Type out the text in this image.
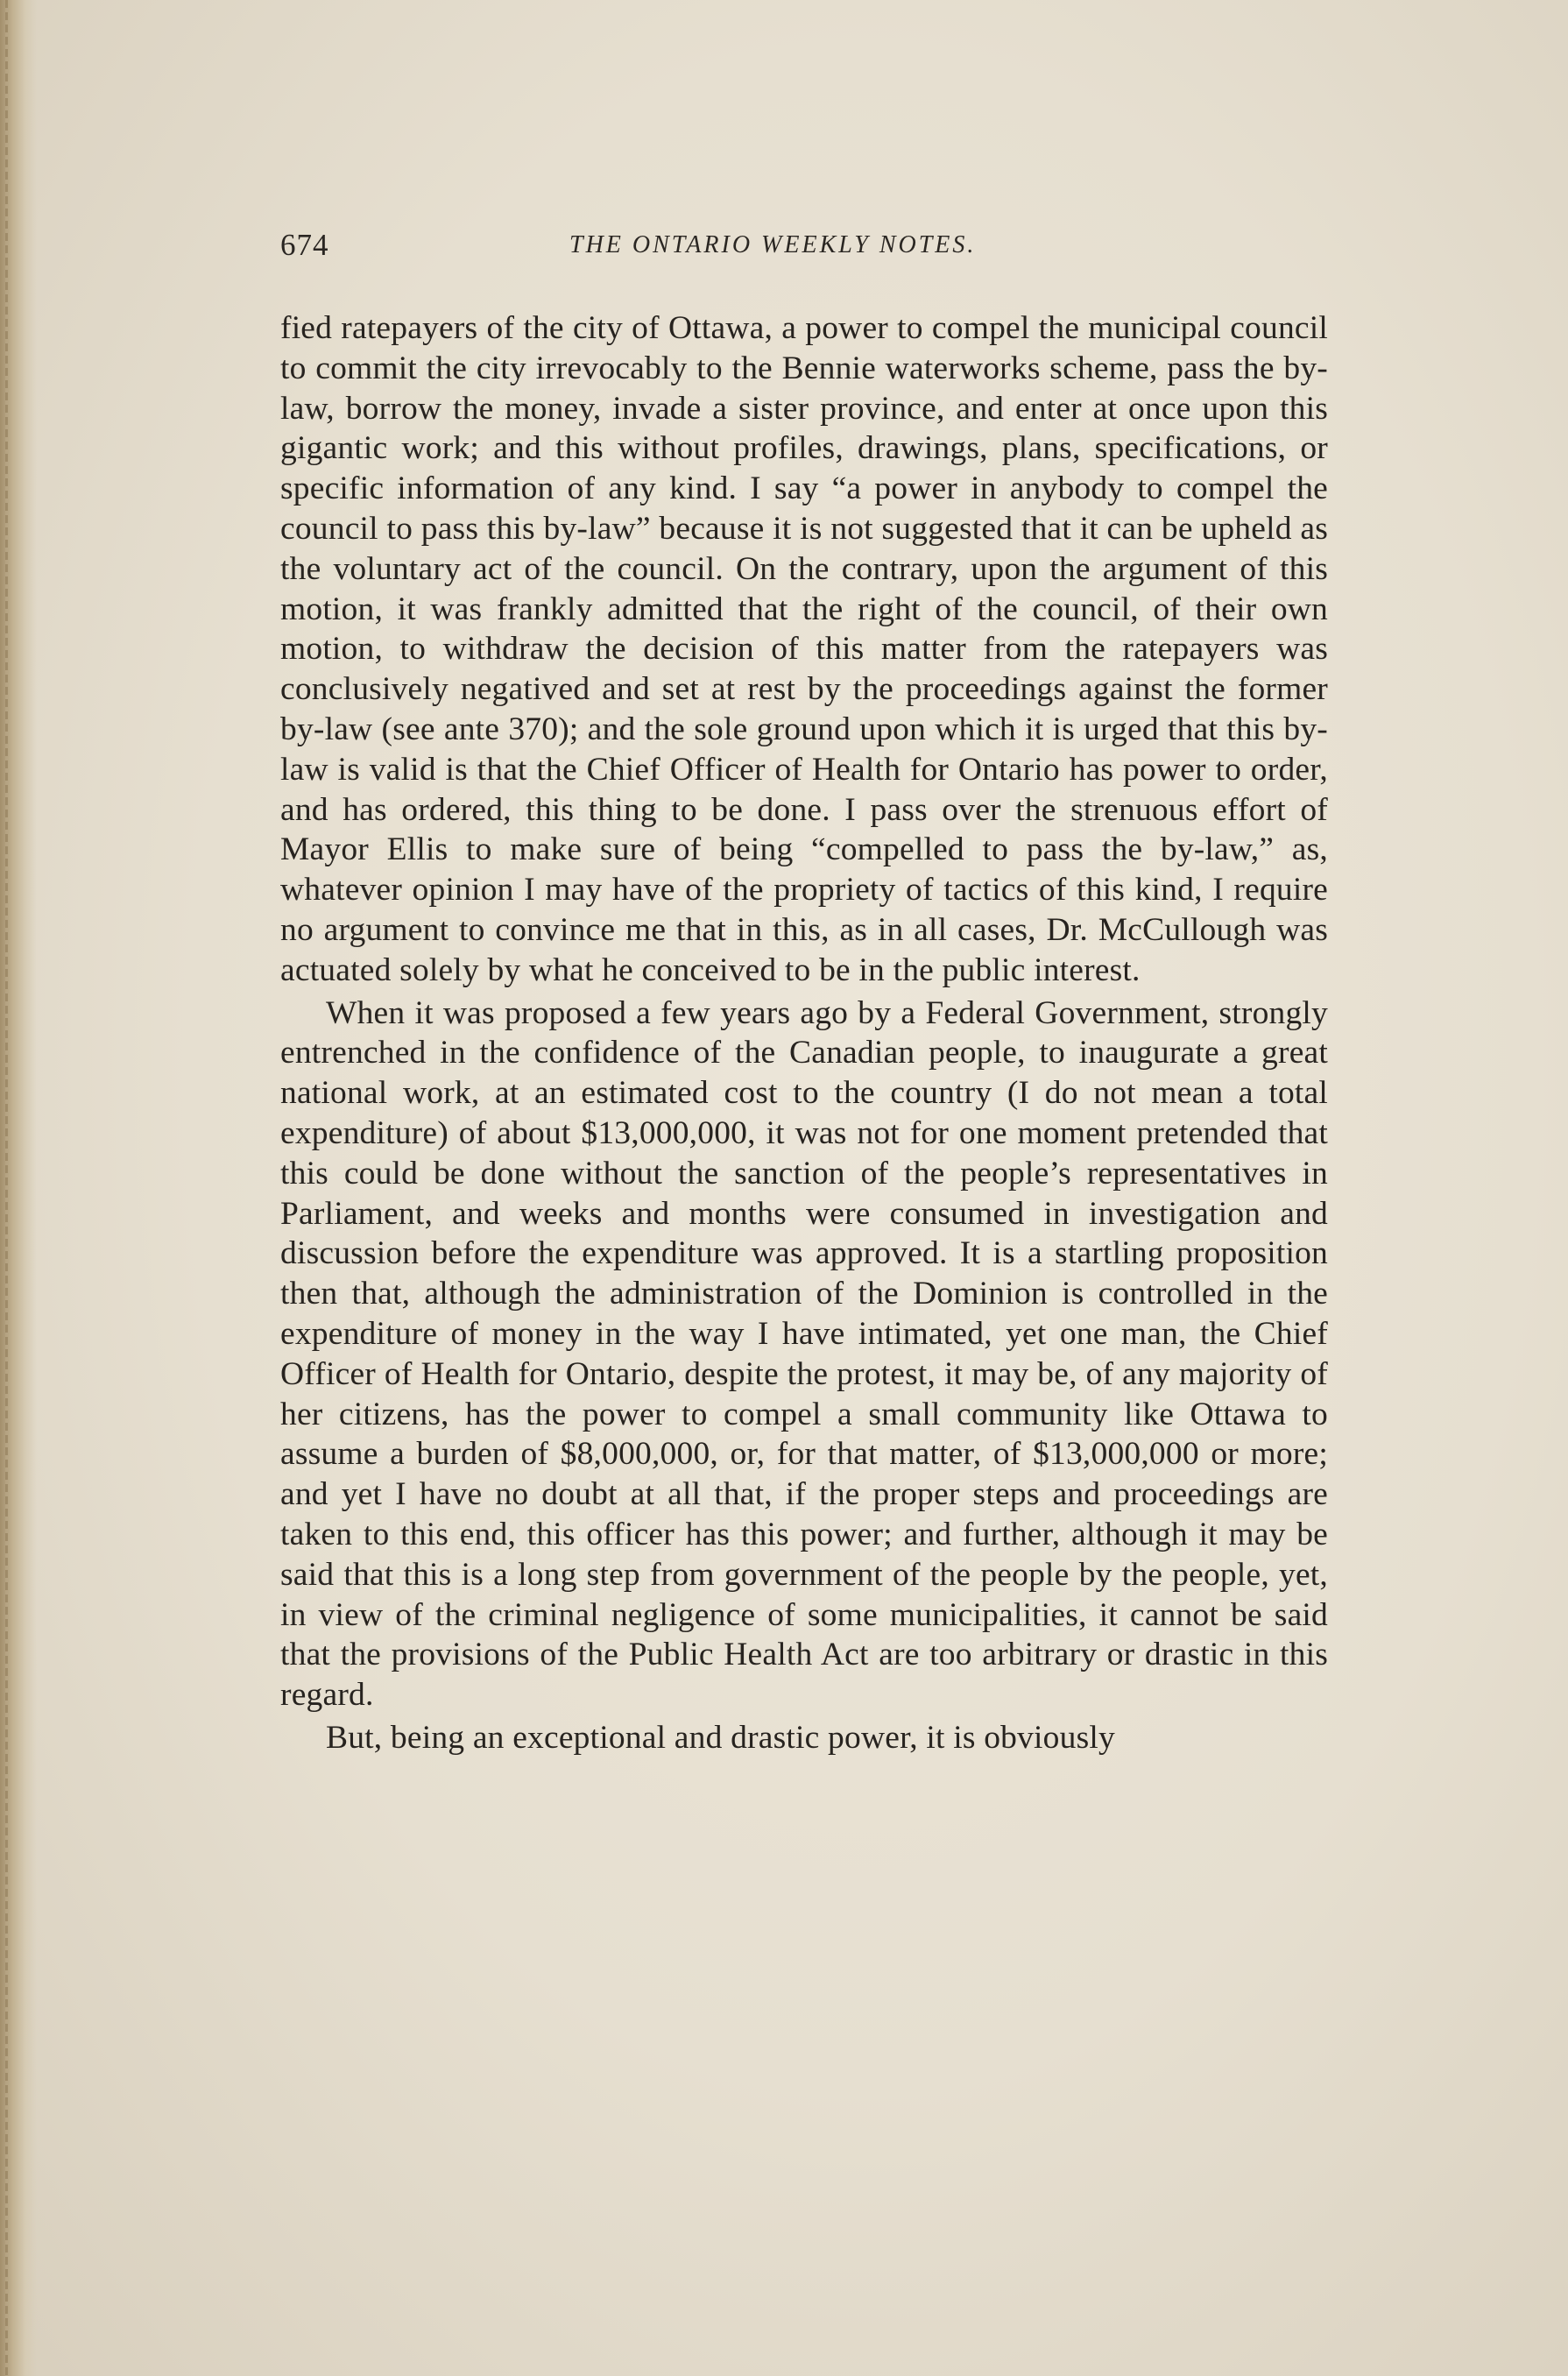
674	THE ONTARIO WEEKLY NOTES.

fied ratepayers of the city of Ottawa, a power to compel the municipal council to commit the city irrevocably to the Bennie waterworks scheme, pass the by-law, borrow the money, invade a sister province, and enter at once upon this gigantic work; and this without profiles, drawings, plans, specifications, or specific information of any kind. I say “a power in anybody to compel the council to pass this by-law” because it is not suggested that it can be upheld as the voluntary act of the council. On the contrary, upon the argument of this motion, it was frankly admitted that the right of the council, of their own motion, to withdraw the decision of this matter from the ratepayers was conclusively negatived and set at rest by the proceedings against the former by-law (see ante 370); and the sole ground upon which it is urged that this by-law is valid is that the Chief Officer of Health for Ontario has power to order, and has ordered, this thing to be done. I pass over the strenuous effort of Mayor Ellis to make sure of being “compelled to pass the by-law,” as, whatever opinion I may have of the propriety of tactics of this kind, I require no argument to convince me that in this, as in all cases, Dr. McCullough was actuated solely by what he conceived to be in the public interest.

When it was proposed a few years ago by a Federal Government, strongly entrenched in the confidence of the Canadian people, to inaugurate a great national work, at an estimated cost to the country (I do not mean a total expenditure) of about $13,000,000, it was not for one moment pretended that this could be done without the sanction of the people’s representatives in Parliament, and weeks and months were consumed in investigation and discussion before the expenditure was approved. It is a startling proposition then that, although the administration of the Dominion is controlled in the expenditure of money in the way I have intimated, yet one man, the Chief Officer of Health for Ontario, despite the protest, it may be, of any majority of her citizens, has the power to compel a small community like Ottawa to assume a burden of $8,000,000, or, for that matter, of $13,000,000 or more; and yet I have no doubt at all that, if the proper steps and proceedings are taken to this end, this officer has this power; and further, although it may be said that this is a long step from government of the people by the people, yet, in view of the criminal negligence of some municipalities, it cannot be said that the provisions of the Public Health Act are too arbitrary or drastic in this regard.

But, being an exceptional and drastic power, it is obviously
